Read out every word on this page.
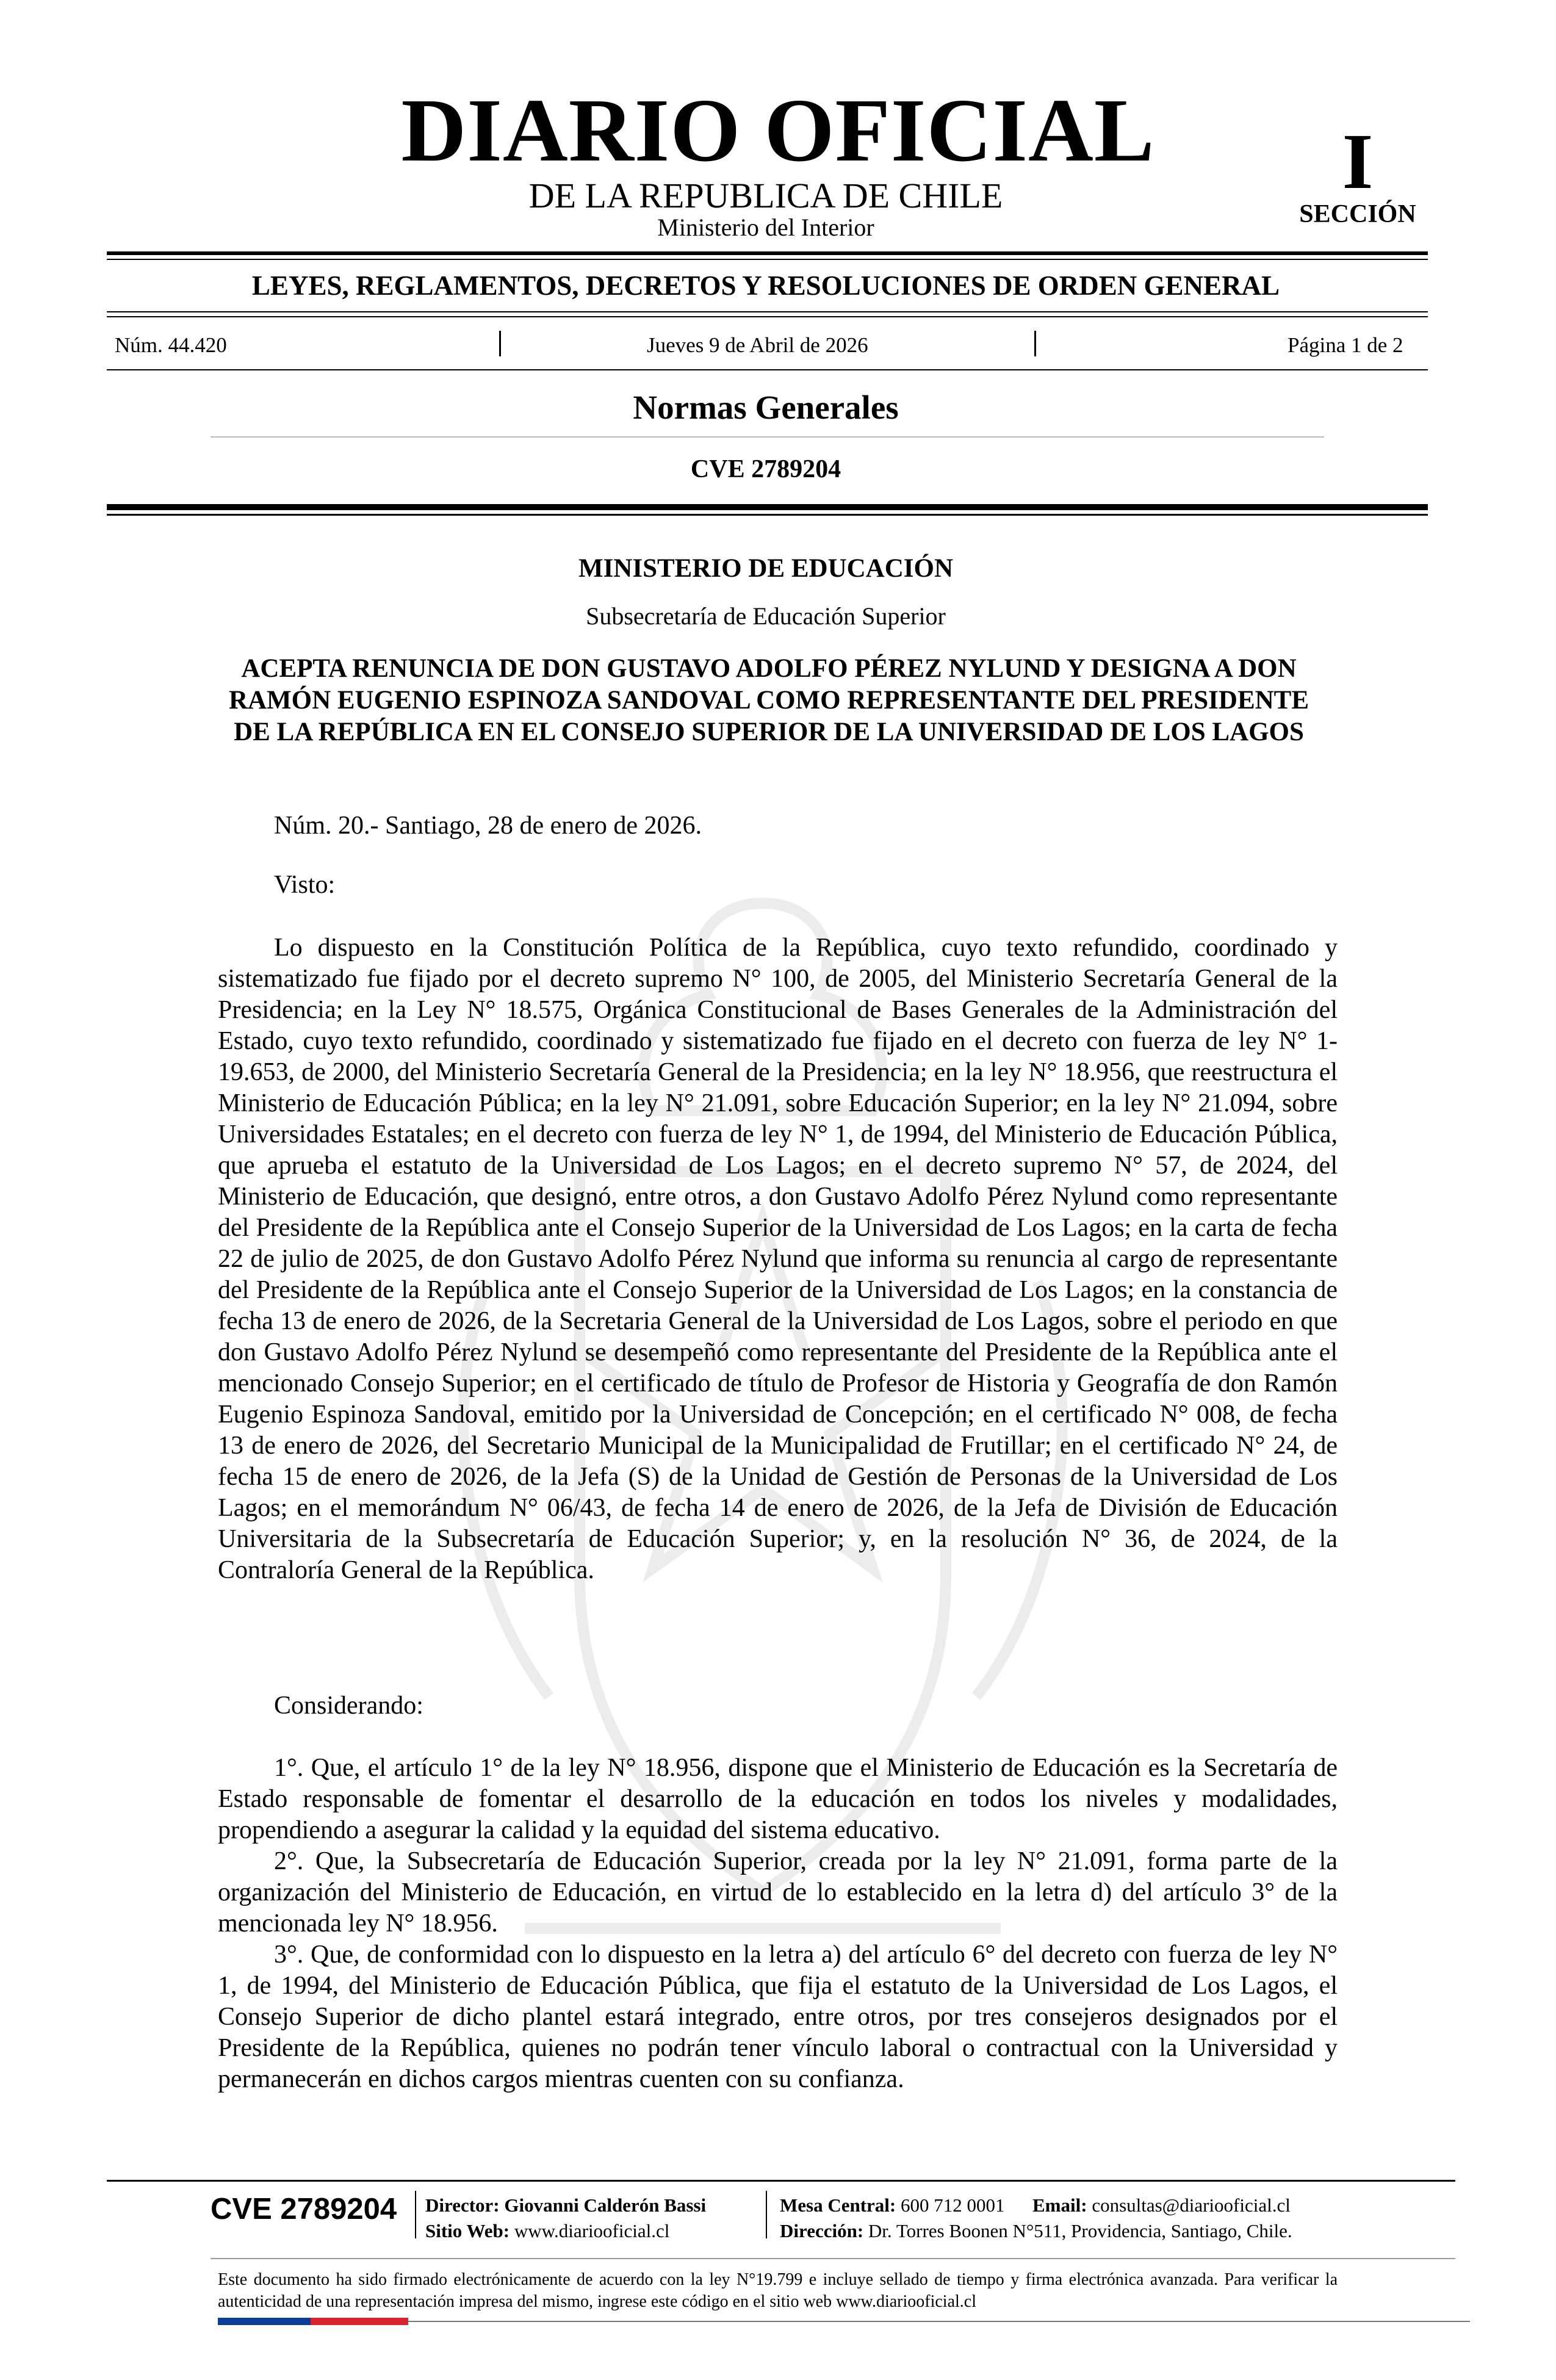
DIARIO OFICIAL
DE LA REPUBLICA DE CHILE
Ministerio del Interior
I
SECCIÓN
LEYES, REGLAMENTOS, DECRETOS Y RESOLUCIONES DE ORDEN GENERAL
Núm. 44.420	Jueves 9 de Abril de 2026	Página 1 de 2
Normas Generales
CVE 2789204
MINISTERIO DE EDUCACIÓN
Subsecretaría de Educación Superior
ACEPTA RENUNCIA DE DON GUSTAVO ADOLFO PÉREZ NYLUND Y DESIGNA A DON RAMÓN EUGENIO ESPINOZA SANDOVAL COMO REPRESENTANTE DEL PRESIDENTE DE LA REPÚBLICA EN EL CONSEJO SUPERIOR DE LA UNIVERSIDAD DE LOS LAGOS
Núm. 20.- Santiago, 28 de enero de 2026.
Visto:
Lo dispuesto en la Constitución Política de la República, cuyo texto refundido, coordinado y sistematizado fue fijado por el decreto supremo N° 100, de 2005, del Ministerio Secretaría General de la Presidencia; en la Ley N° 18.575, Orgánica Constitucional de Bases Generales de la Administración del Estado, cuyo texto refundido, coordinado y sistematizado fue fijado en el decreto con fuerza de ley N° 1-19.653, de 2000, del Ministerio Secretaría General de la Presidencia; en la ley N° 18.956, que reestructura el Ministerio de Educación Pública; en la ley N° 21.091, sobre Educación Superior; en la ley N° 21.094, sobre Universidades Estatales; en el decreto con fuerza de ley N° 1, de 1994, del Ministerio de Educación Pública, que aprueba el estatuto de la Universidad de Los Lagos; en el decreto supremo N° 57, de 2024, del Ministerio de Educación, que designó, entre otros, a don Gustavo Adolfo Pérez Nylund como representante del Presidente de la República ante el Consejo Superior de la Universidad de Los Lagos; en la carta de fecha 22 de julio de 2025, de don Gustavo Adolfo Pérez Nylund que informa su renuncia al cargo de representante del Presidente de la República ante el Consejo Superior de la Universidad de Los Lagos; en la constancia de fecha 13 de enero de 2026, de la Secretaria General de la Universidad de Los Lagos, sobre el periodo en que don Gustavo Adolfo Pérez Nylund se desempeñó como representante del Presidente de la República ante el mencionado Consejo Superior; en el certificado de título de Profesor de Historia y Geografía de don Ramón Eugenio Espinoza Sandoval, emitido por la Universidad de Concepción; en el certificado N° 008, de fecha 13 de enero de 2026, del Secretario Municipal de la Municipalidad de Frutillar; en el certificado N° 24, de fecha 15 de enero de 2026, de la Jefa (S) de la Unidad de Gestión de Personas de la Universidad de Los Lagos; en el memorándum N° 06/43, de fecha 14 de enero de 2026, de la Jefa de División de Educación Universitaria de la Subsecretaría de Educación Superior; y, en la resolución N° 36, de 2024, de la Contraloría General de la República.
Considerando:
1°. Que, el artículo 1° de la ley N° 18.956, dispone que el Ministerio de Educación es la Secretaría de Estado responsable de fomentar el desarrollo de la educación en todos los niveles y modalidades, propendiendo a asegurar la calidad y la equidad del sistema educativo.
2°. Que, la Subsecretaría de Educación Superior, creada por la ley N° 21.091, forma parte de la organización del Ministerio de Educación, en virtud de lo establecido en la letra d) del artículo 3° de la mencionada ley N° 18.956.
3°. Que, de conformidad con lo dispuesto en la letra a) del artículo 6° del decreto con fuerza de ley N° 1, de 1994, del Ministerio de Educación Pública, que fija el estatuto de la Universidad de Los Lagos, el Consejo Superior de dicho plantel estará integrado, entre otros, por tres consejeros designados por el Presidente de la República, quienes no podrán tener vínculo laboral o contractual con la Universidad y permanecerán en dichos cargos mientras cuenten con su confianza.
CVE 2789204 Director: Giovanni Calderón Bassi
Sitio Web: www.diariooficial.cl
Mesa Central: 600 712 0001 Email: consultas@diariooficial.cl
Dirección: Dr. Torres Boonen N°511, Providencia, Santiago, Chile.
Este documento ha sido firmado electrónicamente de acuerdo con la ley N°19.799 e incluye sellado de tiempo y firma electrónica avanzada. Para verificar la autenticidad de una representación impresa del mismo, ingrese este código en el sitio web www.diariooficial.cl
